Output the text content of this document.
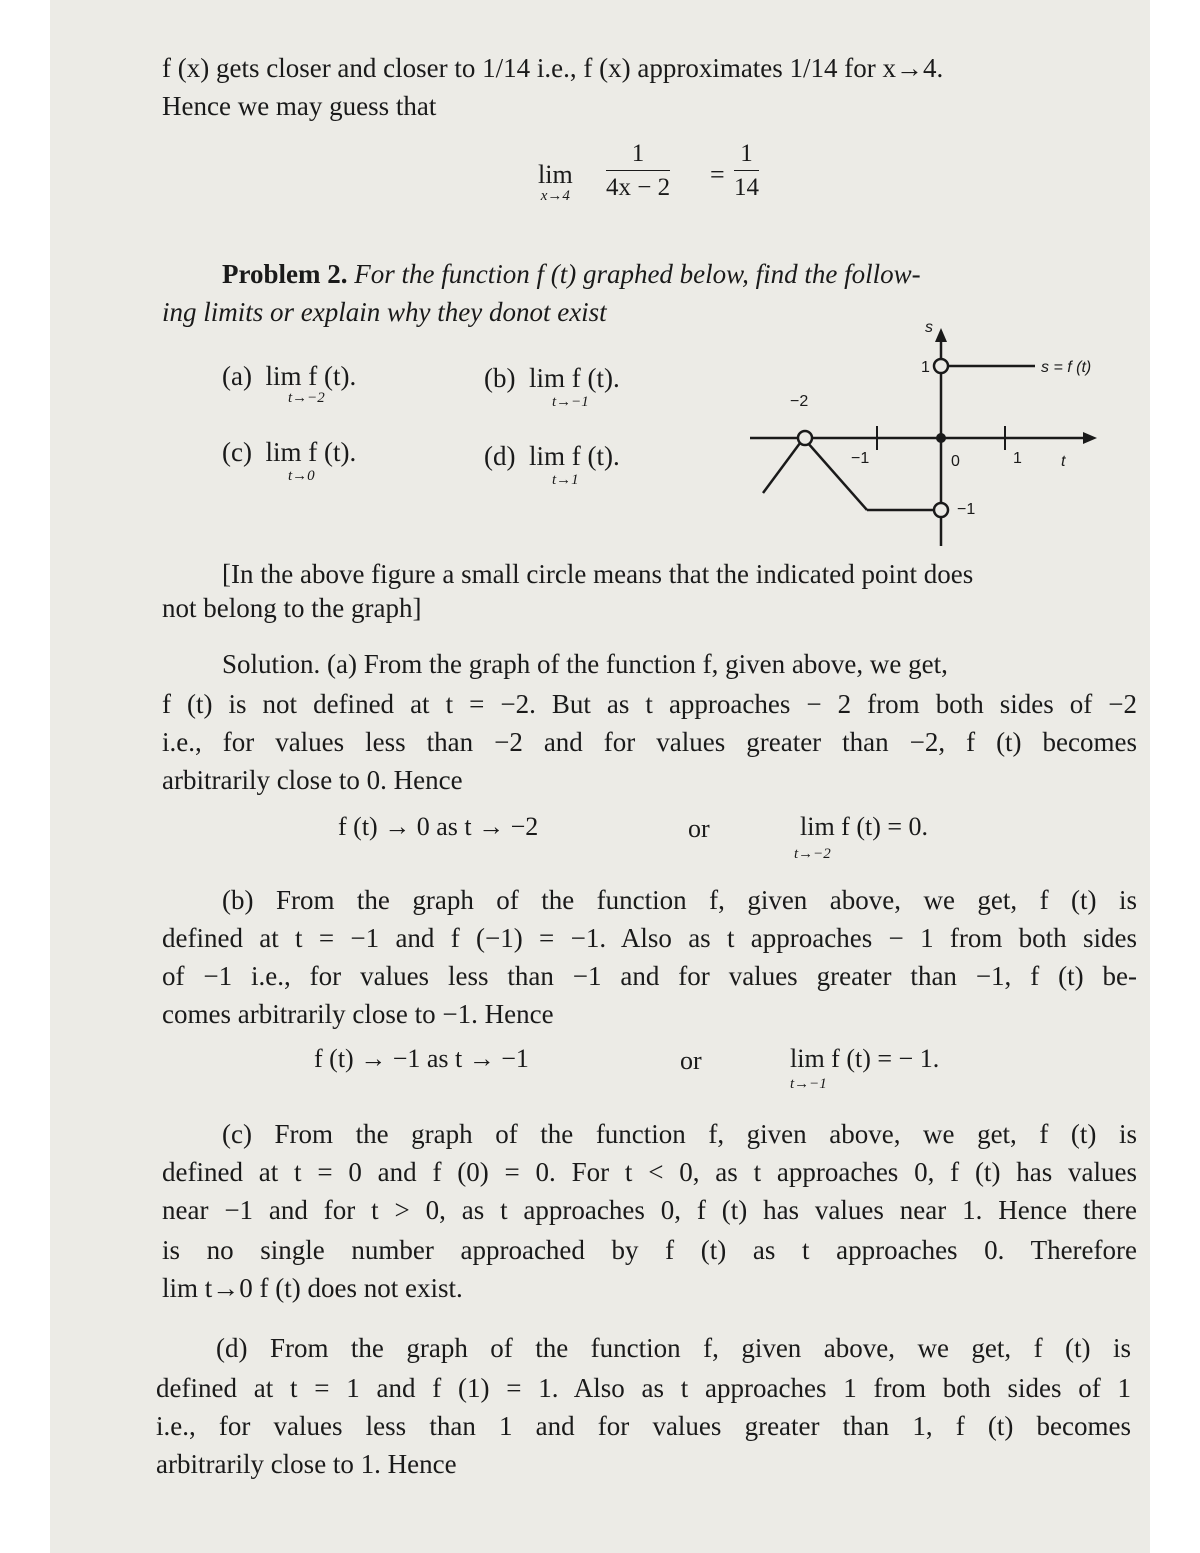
f (x) gets closer and closer to 1/14 i.e., f (x) approximates 1/14 for x→4.
Hence we may guess that
lim
$x\to 4 \frac{1}{4x - 2} = \frac{1}{14}$
Problem 2. For the function f (t) graphed below, find the follow-
ing limits or explain why they donot exist
(a) lim f (t).
t→−2
(b) lim f (t).
t→−1
(c) lim f (t).
t→0
(d) lim f (t).
t→1
−2
−1	0	1
1
−1
t
s
s = f (t)
[In the above figure a small circle means that the indicated point does
not belong to the graph]
Solution. (a) From the graph of the function f, given above, we get,
f (t) is not defined at t = −2. But as t approaches − 2 from both sides of −2
i.e., for values less than −2 and for values greater than −2, f (t) becomes
arbitrarily close to 0. Hence
f (t) → 0 as t → −2	or	lim f (t) = 0.
t→−2
(b) From the graph of the function f, given above, we get, f (t) is
defined at t = −1 and f (−1) = −1. Also as t approaches − 1 from both sides
of −1 i.e., for values less than −1 and for values greater than −1, f (t) be-
comes arbitrarily close to −1. Hence
f (t) → −1 as t → −1	or	lim f (t) = − 1.
t→−1
(c) From the graph of the function f, given above, we get, f (t) is
defined at t = 0 and f (0) = 0. For t < 0, as t approaches 0, f (t) has values
near −1 and for t > 0, as t approaches 0, f (t) has values near 1. Hence there
is no single number approached by f (t) as t approaches 0. Therefore
lim t→0 f (t) does not exist.
(d) From the graph of the function f, given above, we get, f (t) is
defined at t = 1 and f (1) = 1. Also as t approaches 1 from both sides of 1
i.e., for values less than 1 and for values greater than 1, f (t) becomes
arbitrarily close to 1. Hence
